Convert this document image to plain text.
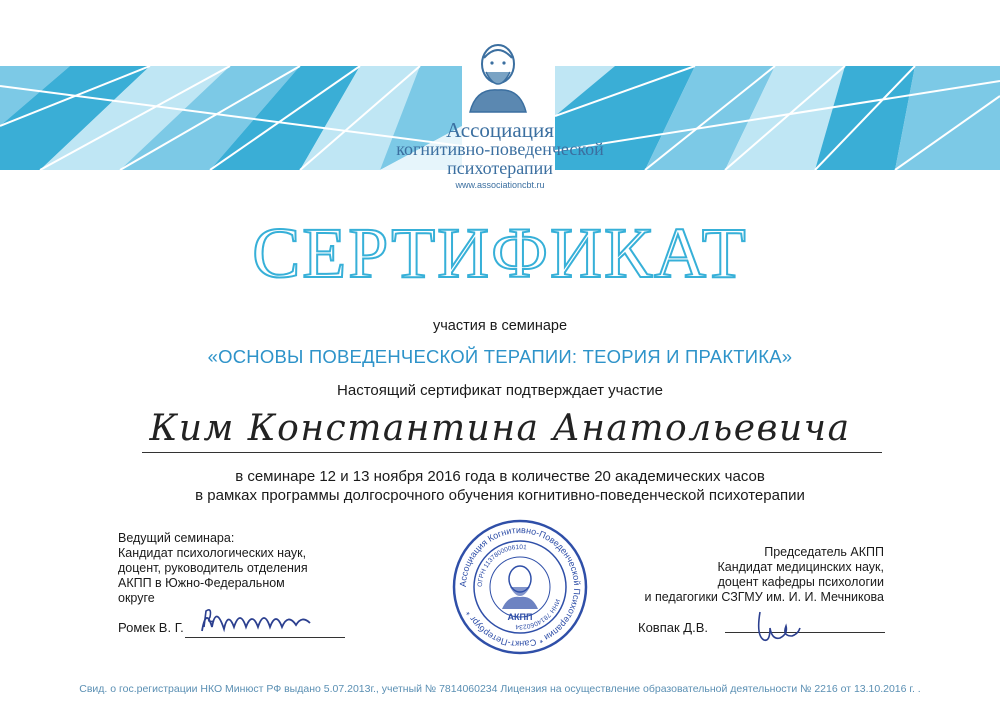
Ассоциация
когнитивно-поведенческой
психотерапии
www.associationcbt.ru
СЕРТИФИКАТ
участия в семинаре
«ОСНОВЫ ПОВЕДЕНЧЕСКОЙ ТЕРАПИИ: ТЕОРИЯ И ПРАКТИКА»
Настоящий сертификат подтверждает участие
Ким Константина Анатольевича
в семинаре 12 и 13 ноября 2016 года в количестве 20 академических часов
в рамках программы долгосрочного обучения когнитивно-поведенческой психотерапии
Ведущий семинара:
Кандидат психологических наук,
доцент, руководитель отделения
АКПП в Южно-Федеральном
округе
Ромек В. Г.
Ассоциация Когнитивно-Поведенческой Психотерапии * Санкт-Петербург *
ОГРН 1137800006101
ИНН 7814060234
АКПП
Председатель АКПП
Кандидат медицинских наук,
доцент кафедры психологии
и педагогики СЗГМУ им. И. И. Мечникова
Ковпак Д.В.
Свид. о гос.регистрации НКО Минюст РФ выдано 5.07.2013г., учетный № 7814060234 Лицензия на осуществление образовательной деятельности № 2216 от 13.10.2016 г. .
